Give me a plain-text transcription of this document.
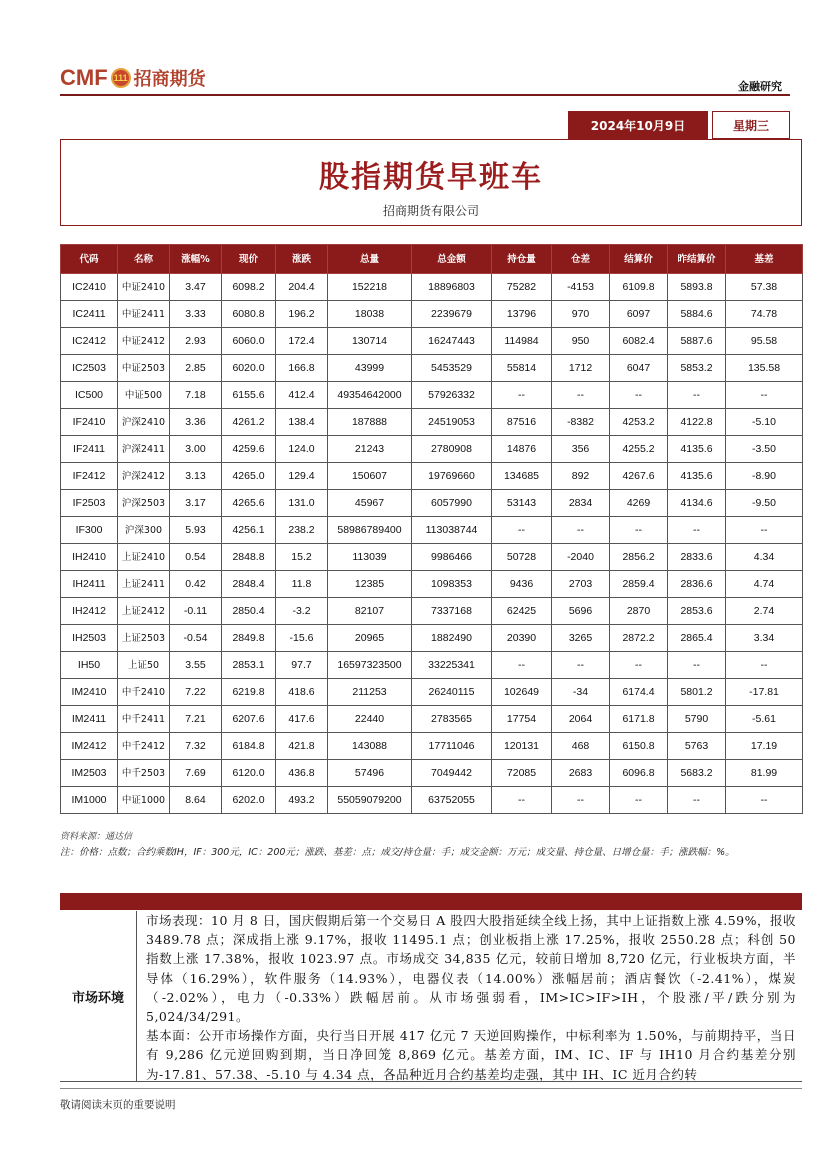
CMF 111 招商期货	金融研究
2024年10月9日	星期三
股指期货早班车
招商期货有限公司
代码	名称	涨幅%	现价	涨跌	总量	总金额	持仓量	仓差	结算价	昨结算价	基差
IC2410	中证2410	3.47	6098.2	204.4	152218	18896803	75282	-4153	6109.8	5893.8	57.38
IC2411	中证2411	3.33	6080.8	196.2	18038	2239679	13796	970	6097	5884.6	74.78
IC2412	中证2412	2.93	6060.0	172.4	130714	16247443	114984	950	6082.4	5887.6	95.58
IC2503	中证2503	2.85	6020.0	166.8	43999	5453529	55814	1712	6047	5853.2	135.58
IC500	中证500	7.18	6155.6	412.4	49354642000	57926332	--	--	--	--	--
IF2410	沪深2410	3.36	4261.2	138.4	187888	24519053	87516	-8382	4253.2	4122.8	-5.10
IF2411	沪深2411	3.00	4259.6	124.0	21243	2780908	14876	356	4255.2	4135.6	-3.50
IF2412	沪深2412	3.13	4265.0	129.4	150607	19769660	134685	892	4267.6	4135.6	-8.90
IF2503	沪深2503	3.17	4265.6	131.0	45967	6057990	53143	2834	4269	4134.6	-9.50
IF300	沪深300	5.93	4256.1	238.2	58986789400	113038744	--	--	--	--	--
IH2410	上证2410	0.54	2848.8	15.2	113039	9986466	50728	-2040	2856.2	2833.6	4.34
IH2411	上证2411	0.42	2848.4	11.8	12385	1098353	9436	2703	2859.4	2836.6	4.74
IH2412	上证2412	-0.11	2850.4	-3.2	82107	7337168	62425	5696	2870	2853.6	2.74
IH2503	上证2503	-0.54	2849.8	-15.6	20965	1882490	20390	3265	2872.2	2865.4	3.34
IH50	上证50	3.55	2853.1	97.7	16597323500	33225341	--	--	--	--	--
IM2410	中千2410	7.22	6219.8	418.6	211253	26240115	102649	-34	6174.4	5801.2	-17.81
IM2411	中千2411	7.21	6207.6	417.6	22440	2783565	17754	2064	6171.8	5790	-5.61
IM2412	中千2412	7.32	6184.8	421.8	143088	17711046	120131	468	6150.8	5763	17.19
IM2503	中千2503	7.69	6120.0	436.8	57496	7049442	72085	2683	6096.8	5683.2	81.99
IM1000	中证1000	8.64	6202.0	493.2	55059079200	63752055	--	--	--	--	--
资料来源：通达信
注：价格：点数；合约乘数IH，IF：300元，IC：200元；涨跌、基差：点；成交/持仓量：手；成交金额：万元；成交量、持仓量、日增仓量：手；涨跌幅：%。
市场环境

市场表现：10 月 8 日，国庆假期后第一个交易日 A 股四大股指延续全线上扬，其中上证指数上涨 4.59%，报收 3489.78 点；深成指上涨 9.17%，报收 11495.1 点；创业板指上涨 17.25%，报收 2550.28 点；科创 50 指数上涨 17.38%，报收 1023.97 点。市场成交 34,835 亿元，较前日增加 8,720 亿元，行业板块方面，半导体（16.29%），软件服务（14.93%），电器仪表（14.00%）涨幅居前；酒店餐饮（-2.41%），煤炭（-2.02%），电力（-0.33%）跌幅居前。从市场强弱看，IM>IC>IF>IH，个股涨/平/跌分别为 5,024/34/291。

基本面：公开市场操作方面，央行当日开展 417 亿元 7 天逆回购操作，中标利率为 1.50%，与前期持平，当日有 9,286 亿元逆回购到期，当日净回笼 8,869 亿元。基差方面，IM、IC、IF 与 IH10 月合约基差分别为-17.81、57.38、-5.10 与 4.34 点，各品种近月合约基差均走强，其中 IH、IC 近月合约转

敬请阅读末页的重要说明
